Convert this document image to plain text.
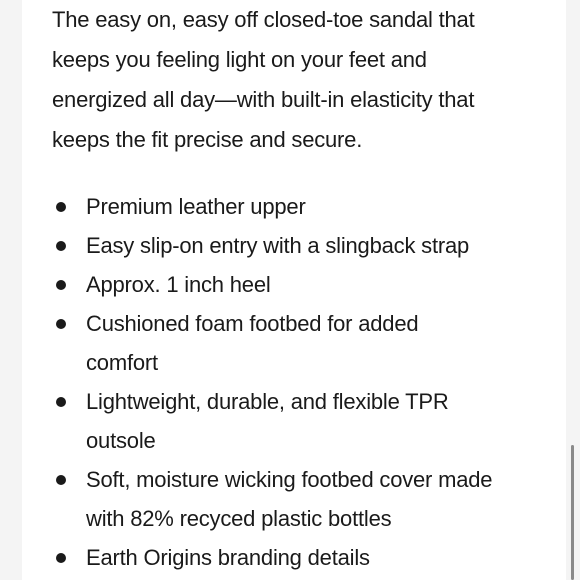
The easy on, easy off closed-toe sandal that
keeps you feeling light on your feet and
energized all day—with built-in elasticity that
keeps the fit precise and secure.

Premium leather upper
Easy slip-on entry with a slingback strap
Approx. 1 inch heel
Cushioned foam footbed for added
comfort
Lightweight, durable, and flexible TPR
outsole
Soft, moisture wicking footbed cover made
with 82% recyced plastic bottles
Earth Origins branding details
